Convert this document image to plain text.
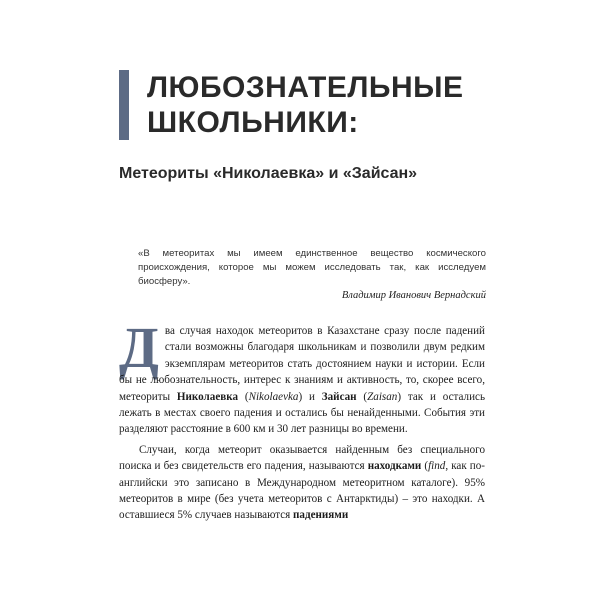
ЛЮБОЗНАТЕЛЬНЫЕ
ШКОЛЬНИКИ:
Метеориты «Николаевка» и «Зайсан»
«В метеоритах мы имеем единственное вещество космического происхождения, которое мы можем исследовать так, как исследуем биосферу».
Владимир Иванович Вернадский

Два случая находок метеоритов в Казахстане сразу после падений стали возможны благодаря школьникам и позволили двум редким экземплярам метеоритов стать достоянием науки и истории. Если бы не любознательность, интерес к знаниям и активность, то, скорее всего, метеориты Николаевка (Nikolaevka) и Зайсан (Zaisan) так и остались лежать в местах своего падения и остались бы ненайденными. События эти разделяют расстояние в 600 км и 30 лет разницы во времени.

Случаи, когда метеорит оказывается найденным без специального поиска и без свидетельств его падения, называются находками (find, как по-английски это записано в Международном метеоритном каталоге). 95% метеоритов в мире (без учета метеоритов с Антарктиды) – это находки. А оставшиеся 5% случаев называются падениями
